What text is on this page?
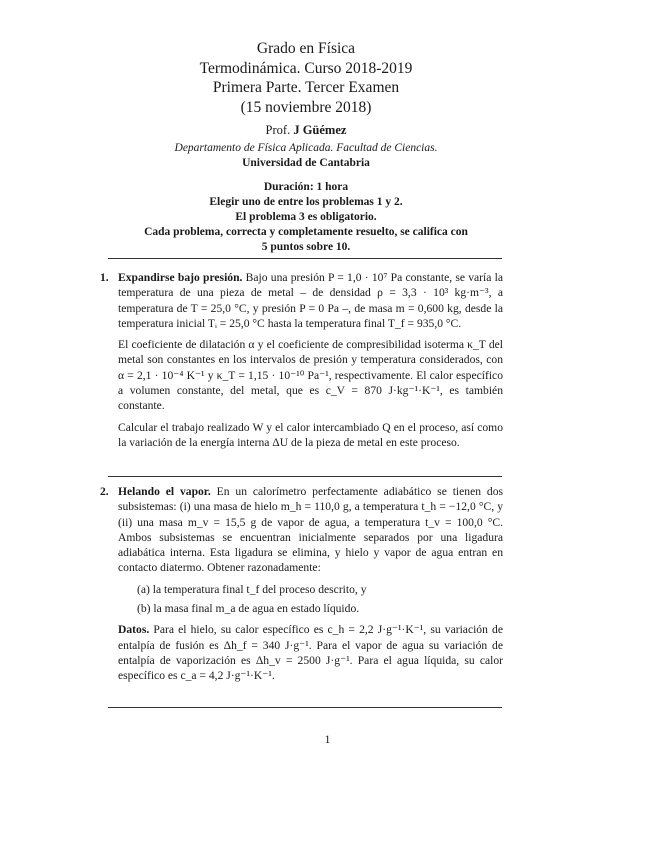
Grado en Física
Termodinámica. Curso 2018-2019
Primera Parte. Tercer Examen
(15 noviembre 2018)
Prof. J Güémez
Departamento de Física Aplicada. Facultad de Ciencias.
Universidad de Cantabria
Duración: 1 hora
Elegir uno de entre los problemas 1 y 2.
El problema 3 es obligatorio.
Cada problema, correcta y completamente resuelto, se califica con
5 puntos sobre 10.
1. Expandirse bajo presión. Bajo una presión P = 1,0 · 10⁷ Pa constante, se varía la temperatura de una pieza de metal – de densidad ρ = 3,3 · 10³ kg·m⁻³, a temperatura de T = 25,0 °C, y presión P = 0 Pa –, de masa m = 0,600 kg, desde la temperatura inicial Tᵢ = 25,0 °C hasta la temperatura final T_f = 935,0 °C.

El coeficiente de dilatación α y el coeficiente de compresibilidad isoterma κ_T del metal son constantes en los intervalos de presión y temperatura considerados, con α = 2,1 · 10⁻⁴ K⁻¹ y κ_T = 1,15 · 10⁻¹⁰ Pa⁻¹, respectivamente. El calor específico a volumen constante, del metal, que es c_V = 870 J·kg⁻¹·K⁻¹, es también constante.

Calcular el trabajo realizado W y el calor intercambiado Q en el proceso, así como la variación de la energía interna ΔU de la pieza de metal en este proceso.

2. Helando el vapor. En un calorímetro perfectamente adiabático se tienen dos subsistemas: (i) una masa de hielo m_h = 110,0 g, a temperatura t_h = −12,0 °C, y (ii) una masa m_v = 15,5 g de vapor de agua, a temperatura t_v = 100,0 °C. Ambos subsistemas se encuentran inicialmente separados por una ligadura adiabática interna. Esta ligadura se elimina, y hielo y vapor de agua entran en contacto diatermo. Obtener razonadamente:

(a) la temperatura final t_f del proceso descrito, y
(b) la masa final m_a de agua en estado líquido.

Datos. Para el hielo, su calor específico es c_h = 2,2 J·g⁻¹·K⁻¹, su variación de entalpía de fusión es Δh_f = 340 J·g⁻¹. Para el vapor de agua su variación de entalpía de vaporización es Δh_v = 2500 J·g⁻¹. Para el agua líquida, su calor específico es c_a = 4,2 J·g⁻¹·K⁻¹.

1
